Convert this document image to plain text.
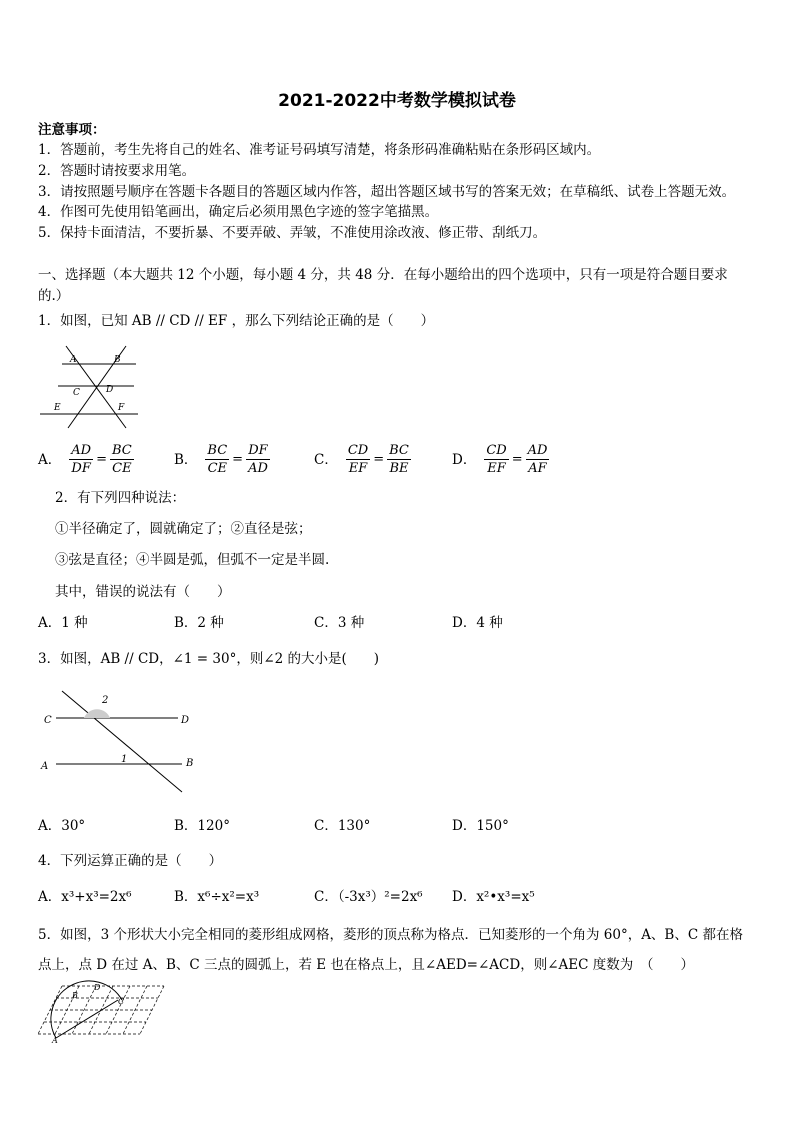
2021-2022中考数学模拟试卷
注意事项：
1．答题前，考生先将自己的姓名、准考证号码填写清楚，将条形码准确粘贴在条形码区域内。
2．答题时请按要求用笔。
3．请按照题号顺序在答题卡各题目的答题区域内作答，超出答题区域书写的答案无效；在草稿纸、试卷上答题无效。
4．作图可先使用铅笔画出，确定后必须用黑色字迹的签字笔描黑。
5．保持卡面清洁，不要折暴、不要弄破、弄皱，不准使用涂改液、修正带、刮纸刀。
一、选择题（本大题共 12 个小题，每小题 4 分，共 48 分．在每小题给出的四个选项中，只有一项是符合题目要求
的.）
1．如图，已知 AB // CD // EF ，那么下列结论正确的是（　　）
A	B
C	D
E	F
A． $\frac{AD}{DF} = \frac{BC}{CE}$	B． $\frac{BC}{CE} = \frac{DF}{AD}$	C． $\frac{CD}{EF} = \frac{BC}{BE}$	D． $\frac{CD}{EF} = \frac{AD}{AF}$
2．有下列四种说法：
①半径确定了，圆就确定了；②直径是弦；
③弦是直径；④半圆是弧，但弧不一定是半圆.
其中，错误的说法有（　　）
A．1 种	B．2 种	C．3 种	D．4 种
3．如图，AB // CD，∠1 = 30°，则∠2 的大小是(　　)
C	D
A	B
1
2
A．30°	B．120°	C．130°	D．150°
4．下列运算正确的是（　　）
A．x³+x³=2x⁶	B．x⁶÷x²=x³	C．（-3x³）²=2x⁶ D．x²•x³=x⁵
5．如图，3 个形状大小完全相同的菱形组成网格，菱形的顶点称为格点．已知菱形的一个角为 60°，A、B、C 都在格
点上，点 D 在过 A、B、C 三点的圆弧上，若 E 也在格点上，且∠AED=∠ACD，则∠AEC 度数为　（　　）
A
B
C
D
